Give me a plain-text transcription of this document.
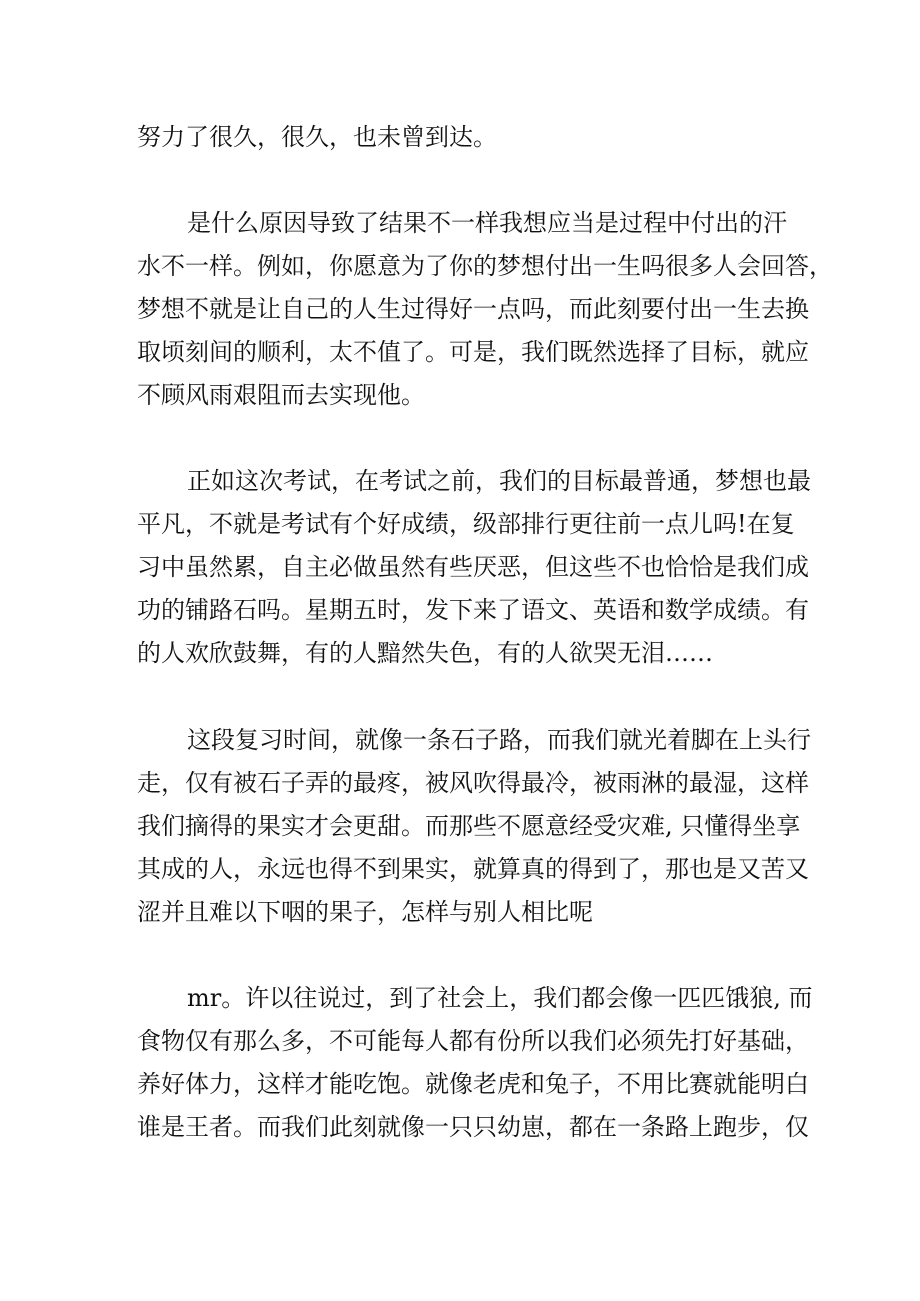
努力了很久，很久，也未曾到达。
是什么原因导致了结果不一样我想应当是过程中付出的汗
水不一样。例如，你愿意为了你的梦想付出一生吗很多人会回答，
梦想不就是让自己的人生过得好一点吗，而此刻要付出一生去换
取顷刻间的顺利，太不值了。可是，我们既然选择了目标，就应
不顾风雨艰阻而去实现他。
正如这次考试，在考试之前，我们的目标最普通，梦想也最
平凡，不就是考试有个好成绩，级部排行更往前一点儿吗!在复
习中虽然累，自主必做虽然有些厌恶，但这些不也恰恰是我们成
功的铺路石吗。星期五时，发下来了语文、英语和数学成绩。有
的人欢欣鼓舞，有的人黯然失色，有的人欲哭无泪……
这段复习时间，就像一条石子路，而我们就光着脚在上头行
走，仅有被石子弄的最疼，被风吹得最冷，被雨淋的最湿，这样
我们摘得的果实才会更甜。而那些不愿意经受灾难, 只懂得坐享
其成的人，永远也得不到果实，就算真的得到了，那也是又苦又
涩并且难以下咽的果子，怎样与别人相比呢
mr。许以往说过，到了社会上，我们都会像一匹匹饿狼, 而
食物仅有那么多，不可能每人都有份所以我们必须先打好基础，
养好体力，这样才能吃饱。就像老虎和兔子，不用比赛就能明白
谁是王者。而我们此刻就像一只只幼崽，都在一条路上跑步，仅
